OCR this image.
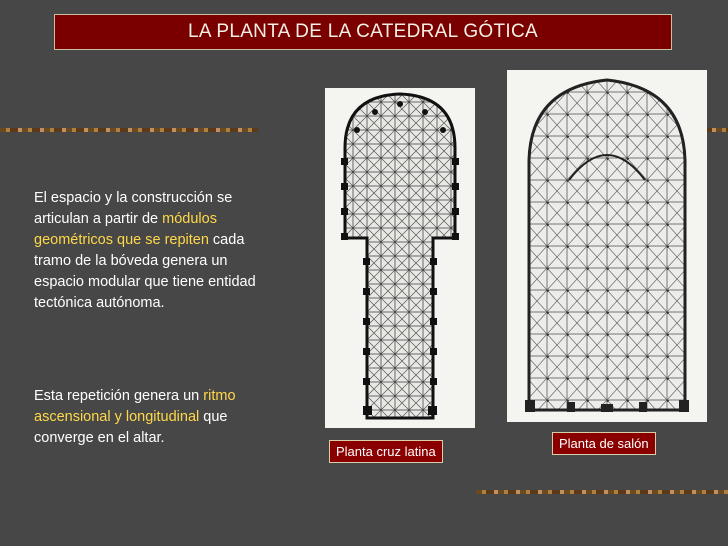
LA PLANTA DE LA CATEDRAL GÓTICA
El espacio y la construcción se articulan a partir de módulos geométricos que se repiten cada tramo de la bóveda genera un espacio modular que tiene entidad tectónica autónoma.
Esta repetición genera un ritmo ascensional y longitudinal que converge en el altar.
Planta cruz latina
Planta de salón
